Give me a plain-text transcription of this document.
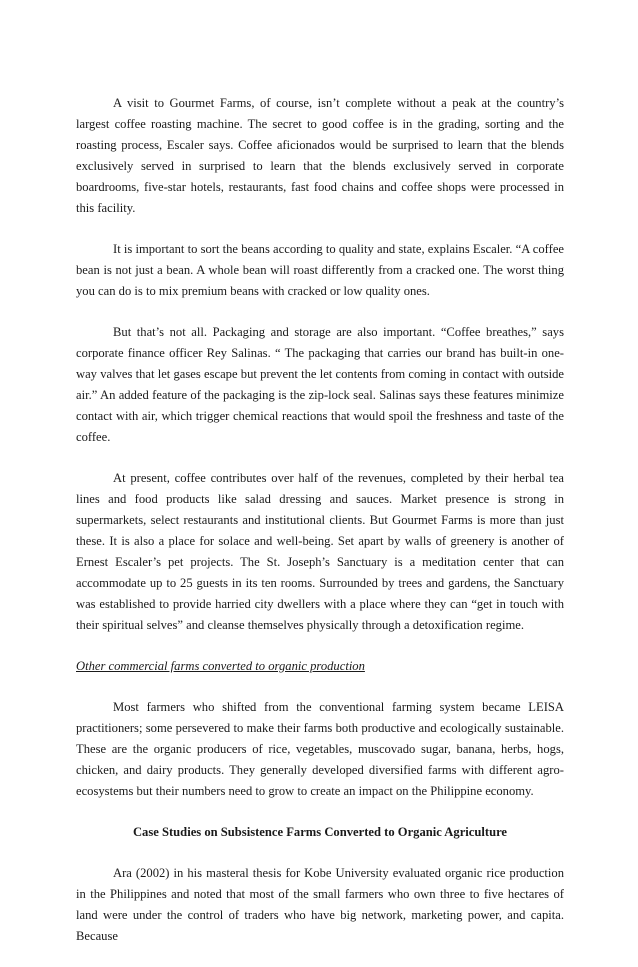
A visit to Gourmet Farms, of course, isn’t complete without a peak at the country’s largest coffee roasting machine. The secret to good coffee is in the grading, sorting and the roasting process, Escaler says. Coffee aficionados would be surprised to learn that the blends exclusively served in surprised to learn that the blends exclusively served in corporate boardrooms, five-star hotels, restaurants, fast food chains and coffee shops were processed in this facility.

It is important to sort the beans according to quality and state, explains Escaler. “A coffee bean is not just a bean. A whole bean will roast differently from a cracked one. The worst thing you can do is to mix premium beans with cracked or low quality ones.

But that’s not all. Packaging and storage are also important. “Coffee breathes,” says corporate finance officer Rey Salinas. “ The packaging that carries our brand has built-in one-way valves that let gases escape but prevent the let contents from coming in contact with outside air.” An added feature of the packaging is the zip-lock seal. Salinas says these features minimize contact with air, which trigger chemical reactions that would spoil the freshness and taste of the coffee.

At present, coffee contributes over half of the revenues, completed by their herbal tea lines and food products like salad dressing and sauces. Market presence is strong in supermarkets, select restaurants and institutional clients. But Gourmet Farms is more than just these. It is also a place for solace and well-being. Set apart by walls of greenery is another of Ernest Escaler’s pet projects. The St. Joseph’s Sanctuary is a meditation center that can accommodate up to 25 guests in its ten rooms. Surrounded by trees and gardens, the Sanctuary was established to provide harried city dwellers with a place where they can “get in touch with their spiritual selves” and cleanse themselves physically through a detoxification regime.

Other commercial farms converted to organic production

Most farmers who shifted from the conventional farming system became LEISA practitioners; some persevered to make their farms both productive and ecologically sustainable. These are the organic producers of rice, vegetables, muscovado sugar, banana, herbs, hogs, chicken, and dairy products. They generally developed diversified farms with different agro-ecosystems but their numbers need to grow to create an impact on the Philippine economy.

Case Studies on Subsistence Farms Converted to Organic Agriculture

Ara (2002) in his masteral thesis for Kobe University evaluated organic rice production in the Philippines and noted that most of the small farmers who own three to five hectares of land were under the control of traders who have big network, marketing power, and capita. Because
